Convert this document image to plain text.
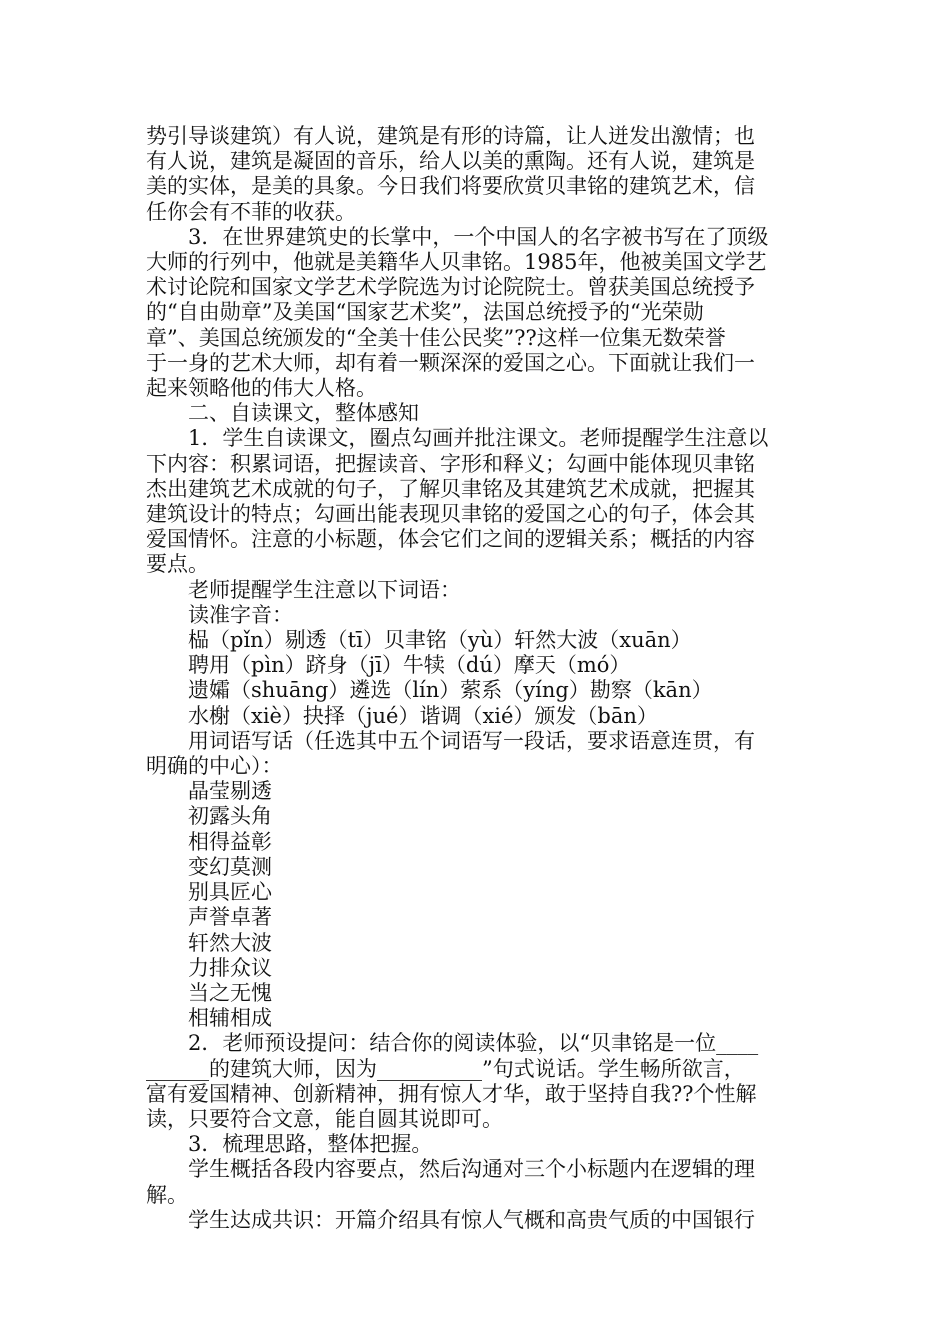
势引导谈建筑）有人说，建筑是有形的诗篇，让人迸发出激情；也

有人说，建筑是凝固的音乐，给人以美的熏陶。还有人说，建筑是

美的实体，是美的具象。今日我们将要欣赏贝聿铭的建筑艺术，信

任你会有不菲的收获。

3．在世界建筑史的长掌中，一个中国人的名字被书写在了顶级

大师的行列中，他就是美籍华人贝聿铭。1985年，他被美国文学艺

术讨论院和国家文学艺术学院选为讨论院院士。曾获美国总统授予

的“自由勋章”及美国“国家艺术奖”，法国总统授予的“光荣勋

章”、美国总统颁发的“全美十佳公民奖”??这样一位集无数荣誉

于一身的艺术大师，却有着一颗深深的爱国之心。下面就让我们一

起来领略他的伟大人格。

二、自读课文，整体感知

1．学生自读课文，圈点勾画并批注课文。老师提醒学生注意以

下内容：积累词语，把握读音、字形和释义；勾画中能体现贝聿铭

杰出建筑艺术成就的句子，了解贝聿铭及其建筑艺术成就，把握其

建筑设计的特点；勾画出能表现贝聿铭的爱国之心的句子，体会其

爱国情怀。注意的小标题，体会它们之间的逻辑关系；概括的内容

要点。

老师提醒学生注意以下词语：

读准字音：

榀（pǐn）剔透（tī）贝聿铭（yù）轩然大波（xuān）

聘用（pìn）跻身（jī）牛犊（dú）摩天（mó）

遗孀（shuāng）遴选（lín）萦系（yíng）勘察（kān）

水榭（xiè）抉择（jué）谐调（xié）颁发（bān）

用词语写话（任选其中五个词语写一段话，要求语意连贯，有

明确的中心）：

晶莹剔透
初露头角
相得益彰
变幻莫测
别具匠心
声誉卓著
轩然大波
力排众议
当之无愧
相辅相成

2．老师预设提问：结合你的阅读体验，以“贝聿铭是一位____

______的建筑大师，因为__________”句式说话。学生畅所欲言，

富有爱国精神、创新精神，拥有惊人才华，敢于坚持自我??个性解

读，只要符合文意，能自圆其说即可。

3．梳理思路，整体把握。

学生概括各段内容要点，然后沟通对三个小标题内在逻辑的理

解。

学生达成共识：开篇介绍具有惊人气概和高贵气质的中国银行
